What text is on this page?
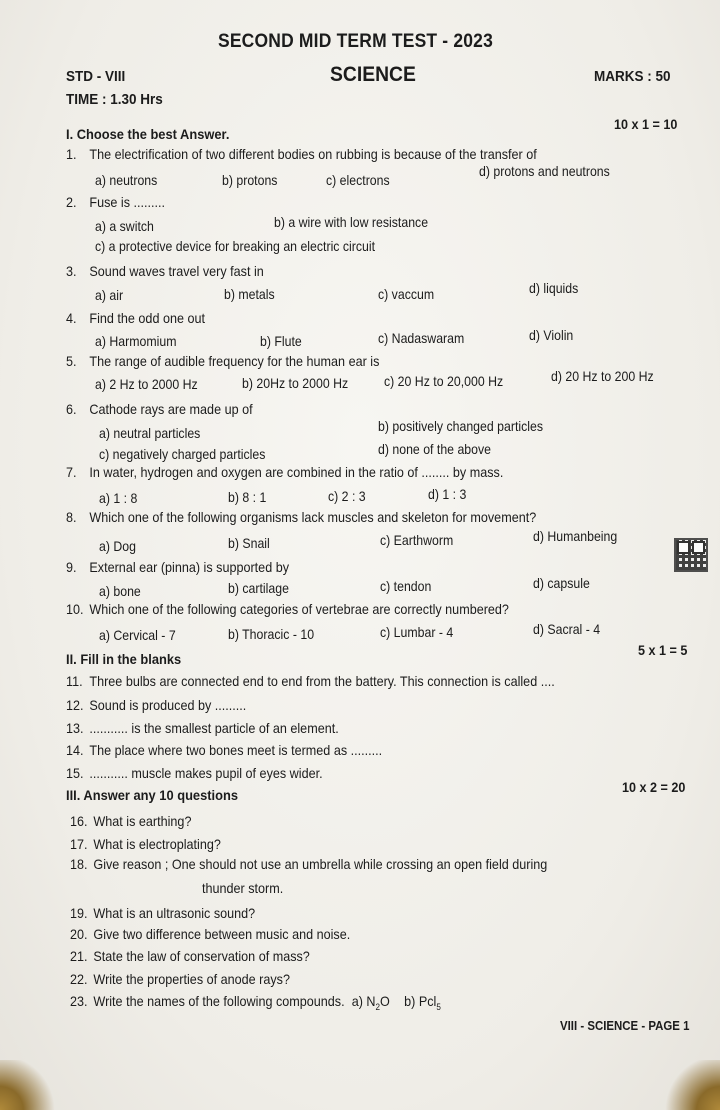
SECOND MID TERM TEST - 2023
STD - VIII	SCIENCE	MARKS : 50
TIME : 1.30 Hrs
10 x 1 = 10
I. Choose the best Answer.
1. The electrification of two different bodies on rubbing is because of the transfer of
a) neutrons	b) protons	c) electrons
d) protons and neutrons
2. Fuse is .........
a) a switch	b) a wire with low resistance
c) a protective device for breaking an electric circuit
3. Sound waves travel very fast in
a) air	b) metals	c) vaccum	d) liquids
4. Find the odd one out
a) Harmomium	b) Flute	c) Nadaswaram	d) Violin
5. The range of audible frequency for the human ear is
a) 2 Hz to 2000 Hz	b) 20Hz to 2000 Hz	c) 20 Hz to 20,000 Hz	d) 20 Hz to 200 Hz
6. Cathode rays are made up of
a) neutral particles	b) positively changed particles
c) negatively charged particles	d) none of the above
7. In water, hydrogen and oxygen are combined in the ratio of ........ by mass.
a) 1 : 8	b) 8 : 1	c) 2 : 3	d) 1 : 3
8. Which one of the following organisms lack muscles and skeleton for movement?
a) Dog	b) Snail	c) Earthworm	d) Humanbeing
9. External ear (pinna) is supported by
a) bone	b) cartilage	c) tendon	d) capsule
10. Which one of the following categories of vertebrae are correctly numbered?
a) Cervical - 7	b) Thoracic - 10	c) Lumbar - 4	d) Sacral - 4
5 x 1 = 5
II. Fill in the blanks
11. Three bulbs are connected end to end from the battery. This connection is called ....
12. Sound is produced by .........
13. ........... is the smallest particle of an element.
14. The place where two bones meet is termed as .........
15. ........... muscle makes pupil of eyes wider.
10 x 2 = 20
III. Answer any 10 questions
16. What is earthing?
17. What is electroplating?
18. Give reason ; One should not use an umbrella while crossing an open field during
thunder storm.
19. What is an ultrasonic sound?
20. Give two difference between music and noise.
21. State the law of conservation of mass?
22. Write the properties of anode rays?
23. Write the names of the following compounds. a) $N_2O$ b) Pcl$_5$
VIII - SCIENCE - PAGE 1
